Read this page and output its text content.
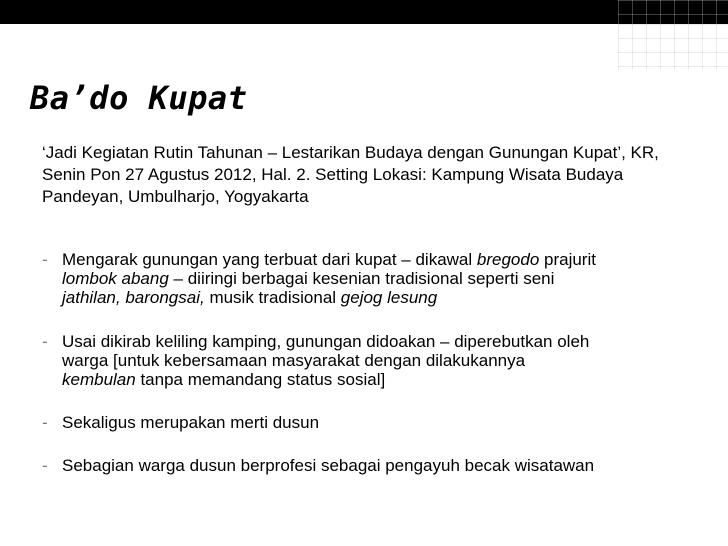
Ba’do Kupat
‘Jadi Kegiatan Rutin Tahunan – Lestarikan Budaya dengan Gunungan Kupat’, KR, Senin Pon 27 Agustus 2012, Hal. 2. Setting Lokasi: Kampung Wisata Budaya Pandeyan, Umbulharjo, Yogyakarta
- Mengarak gunungan yang terbuat dari kupat – dikawal bregodo prajurit
lombok abang – diiringi berbagai kesenian tradisional seperti seni
jathilan, barongsai, musik tradisional gejog lesung
- Usai dikirab keliling kamping, gunungan didoakan – diperebutkan oleh
warga [untuk kebersamaan masyarakat dengan dilakukannya
kembulan tanpa memandang status sosial]
- Sekaligus merupakan merti dusun
- Sebagian warga dusun berprofesi sebagai pengayuh becak wisatawan
